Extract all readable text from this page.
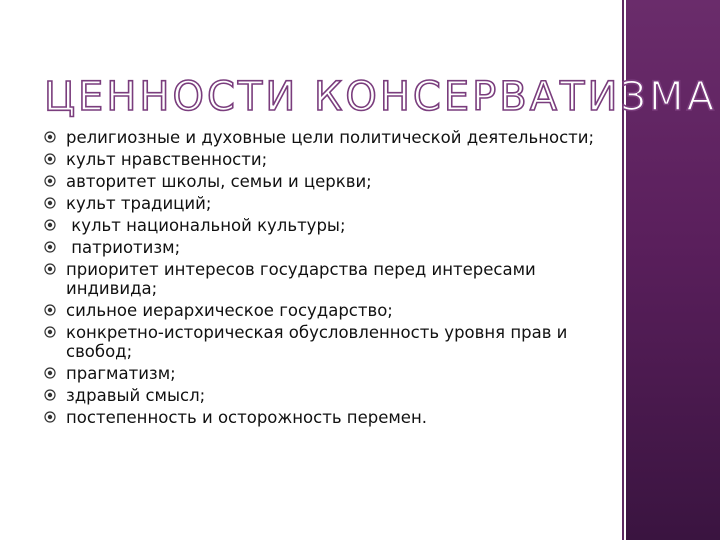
ЦЕННОСТИ КОНСЕРВАТИЗМА
религиозные и духовные цели политической деятельности;
культ нравственности;
авторитет школы, семьи и церкви;
культ традиций;
культ национальной культуры;
патриотизм;
приоритет интересов государства перед интересами индивида;
сильное иерархическое государство;
конкретно-историческая обусловленность уровня прав и свобод;
прагматизм;
здравый смысл;
постепенность и осторожность перемен.
